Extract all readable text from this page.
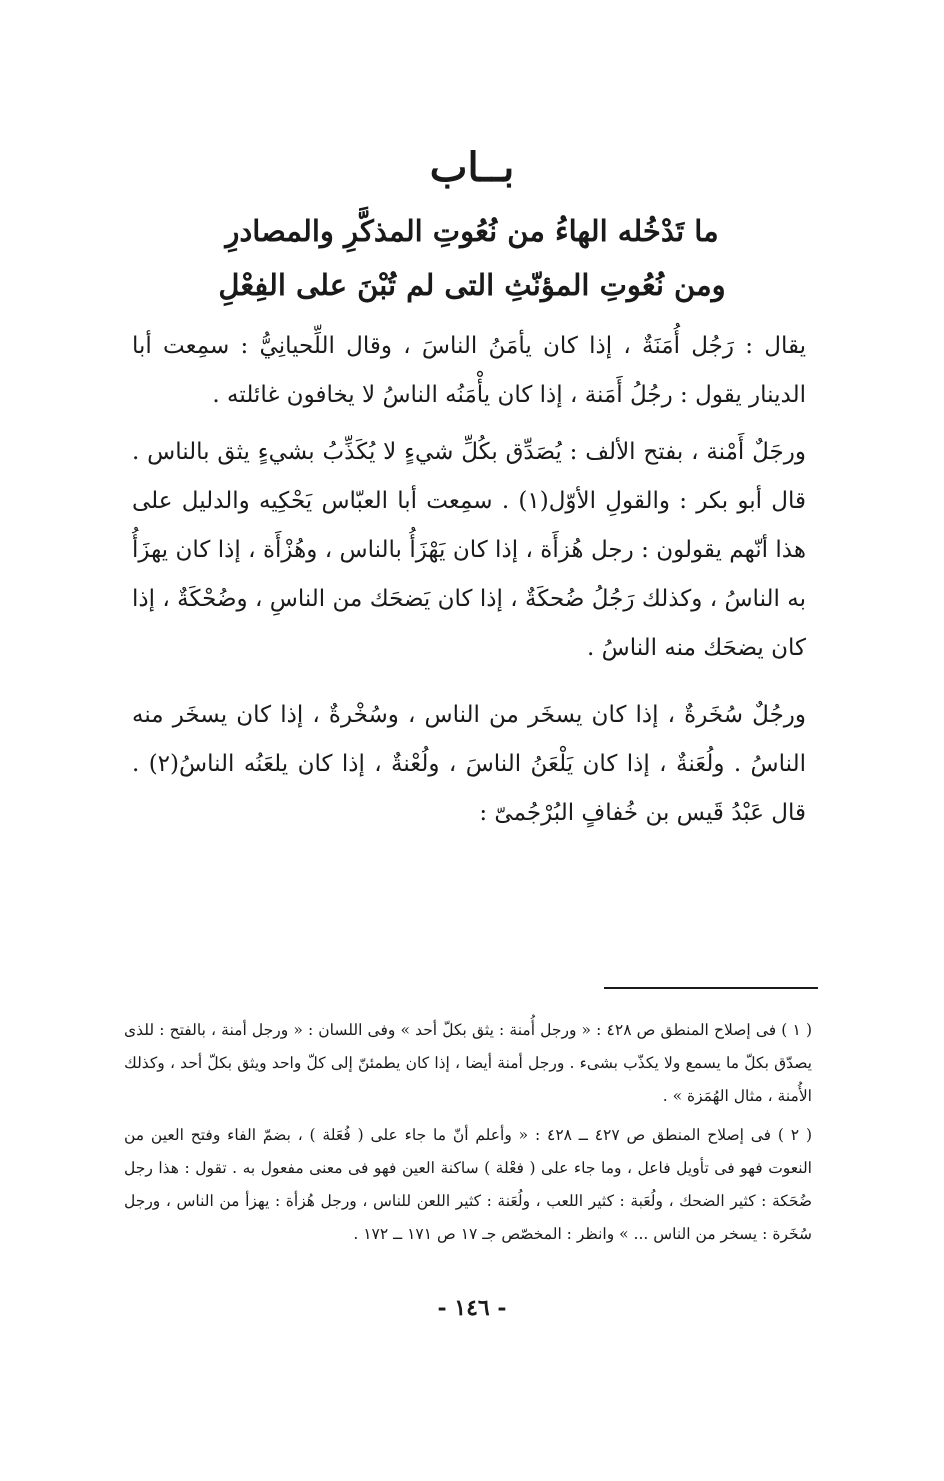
بــاب
ما تَدْخُله الهاءُ من نُعُوتِ المذكَّرِ والمصادرِ
ومن نُعُوتِ المؤنّثِ التى لم تُبْنَ على الفِعْلِ

يقال : رَجُل أُمَنَةٌ ، إذا كان يأمَنُ الناسَ ، وقال اللِّحيانِيُّ : سمِعت أبا الدينار يقول : رجُلُ أَمَنة ، إذا كان يأْمَنُه الناسُ لا يخافون غائلته .

ورجَلٌ أَمْنة ، بفتح الألف : يُصَدِّق بكُلِّ شيءٍ لا يُكَذِّبُ بشيءٍ يثق بالناس . قال أبو بكر : والقولِ الأوّل(١) . سمِعت أبا العبّاس يَحْكِيه والدليل على هذا أنّهم يقولون : رجل هُزأَة ، إذا كان يَهْزَأُ بالناس ، وهُزْأَة ، إذا كان يهزَأُ به الناسُ ، وكذلك رَجُلُ ضُحكَةٌ ، إذا كان يَضحَك من الناسِ ، وضُحْكَةٌ ، إذا كان يضحَك منه الناسُ .

ورجُلٌ سُخَرةٌ ، إذا كان يسخَر من الناس ، وسُخْرةٌ ، إذا كان يسخَر منه الناسُ . ولُعَنةٌ ، إذا كان يَلْعَنُ الناسَ ، ولُعْنةٌ ، إذا كان يلعَنُه الناسُ(٢) . قال عَبْدُ قَيس بن خُفافٍ البُرْجُمىّ :

( ١ ) فى إصلاح المنطق ص ٤٢٨ : « ورجل أُمنة : يثق بكلّ أحد » وفى اللسان : « ورجل أمنة ، بالفتح : للذى يصدّق بكلّ ما يسمع ولا يكذّب بشىء . ورجل أمنة أيضا ، إذا كان يطمئنّ إلى كلّ واحد ويثق بكلّ أحد ، وكذلك الأُمنة ، مثال الهُمَزة » .

( ٢ ) فى إصلاح المنطق ص ٤٢٧ ــ ٤٢٨ : « وأعلم أنّ ما جاء على ( فُعَلة ) ، بضمّ الفاء وفتح العين من النعوت فهو فى تأويل فاعل ، وما جاء على ( فعْلة ) ساكنة العين فهو فى معنى مفعول به . تقول : هذا رجل ضُحَكة : كثير الضحك ، ولُعَبة : كثير اللعب ، ولُعَنة : كثير اللعن للناس ، ورجل هُزأة : يهزأ من الناس ، ورجل سُخَرة : يسخر من الناس ... » وانظر : المخصّص جـ ١٧ ص ١٧١ ــ ١٧٢ .

- ١٤٦ -
